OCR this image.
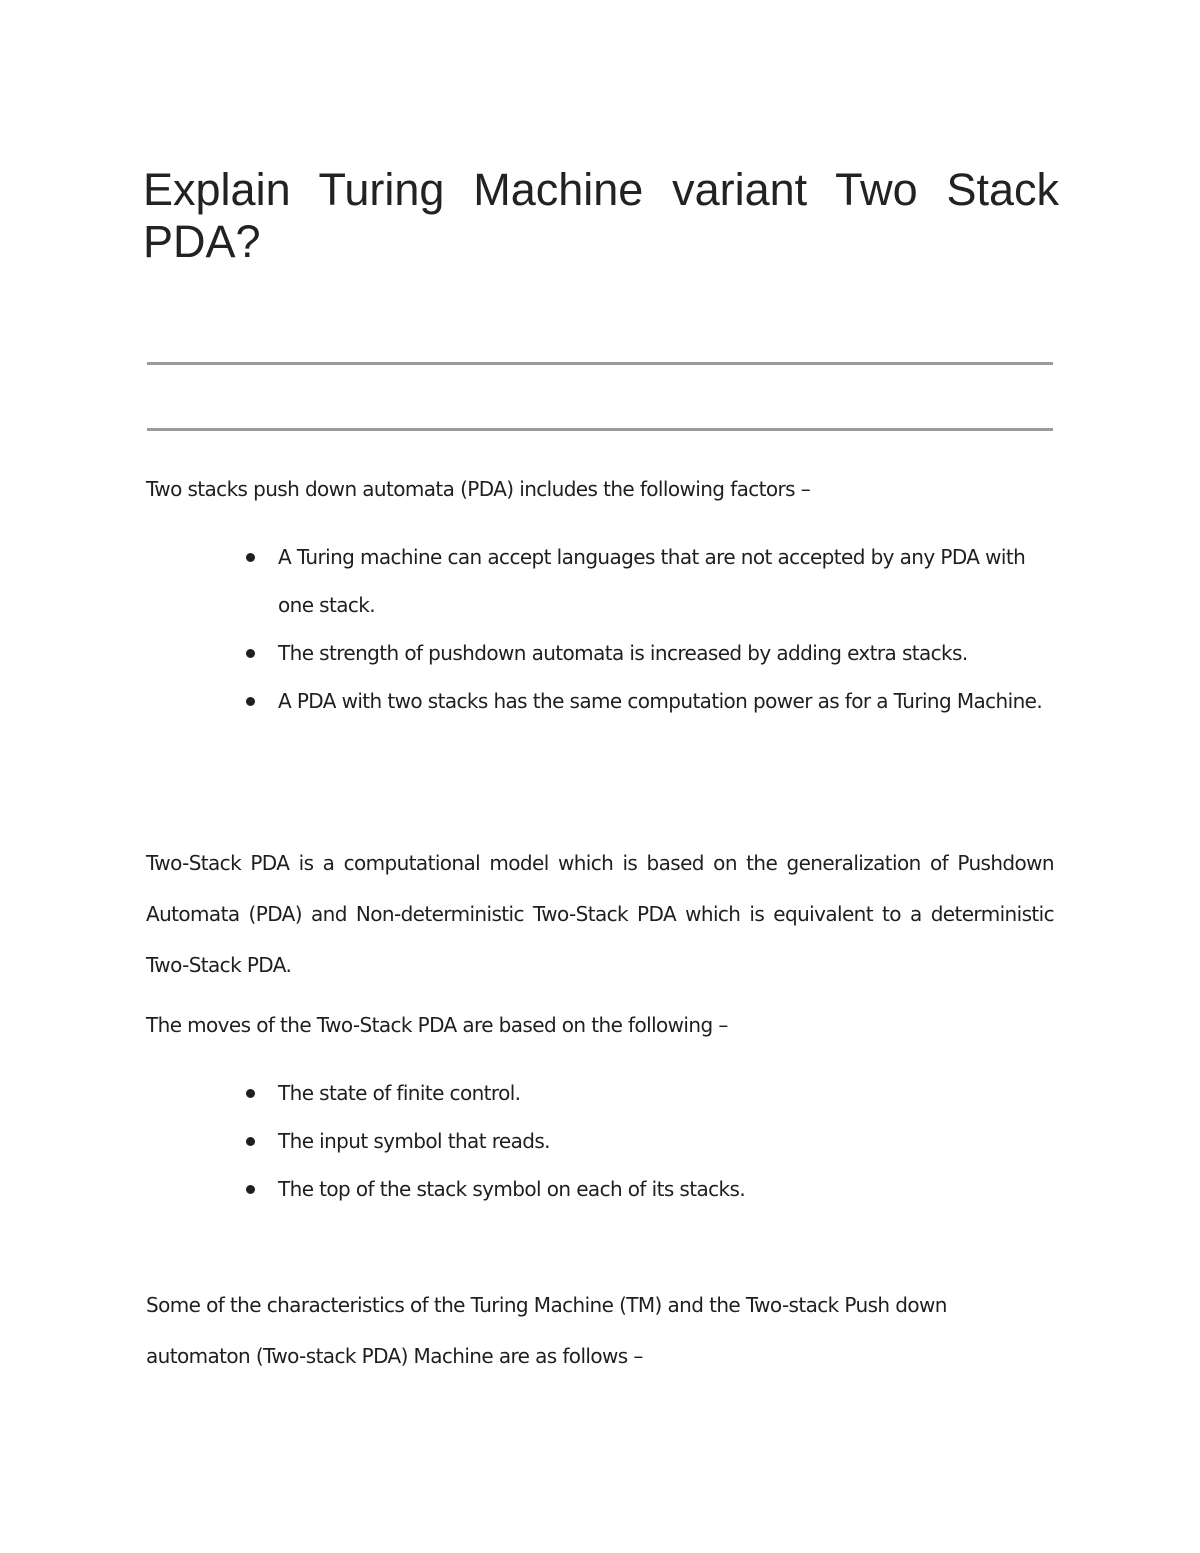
Explain Turing Machine variant Two Stack PDA?

Two stacks push down automata (PDA) includes the following factors –

A Turing machine can accept languages that are not accepted by any PDA with one stack.
The strength of pushdown automata is increased by adding extra stacks.
A PDA with two stacks has the same computation power as for a Turing Machine.

Two-Stack PDA is a computational model which is based on the generalization of Pushdown Automata (PDA) and Non-deterministic Two-Stack PDA which is equivalent to a deterministic Two-Stack PDA.

The moves of the Two-Stack PDA are based on the following –

The state of finite control.
The input symbol that reads.
The top of the stack symbol on each of its stacks.

Some of the characteristics of the Turing Machine (TM) and the Two-stack Push down automaton (Two-stack PDA) Machine are as follows –
